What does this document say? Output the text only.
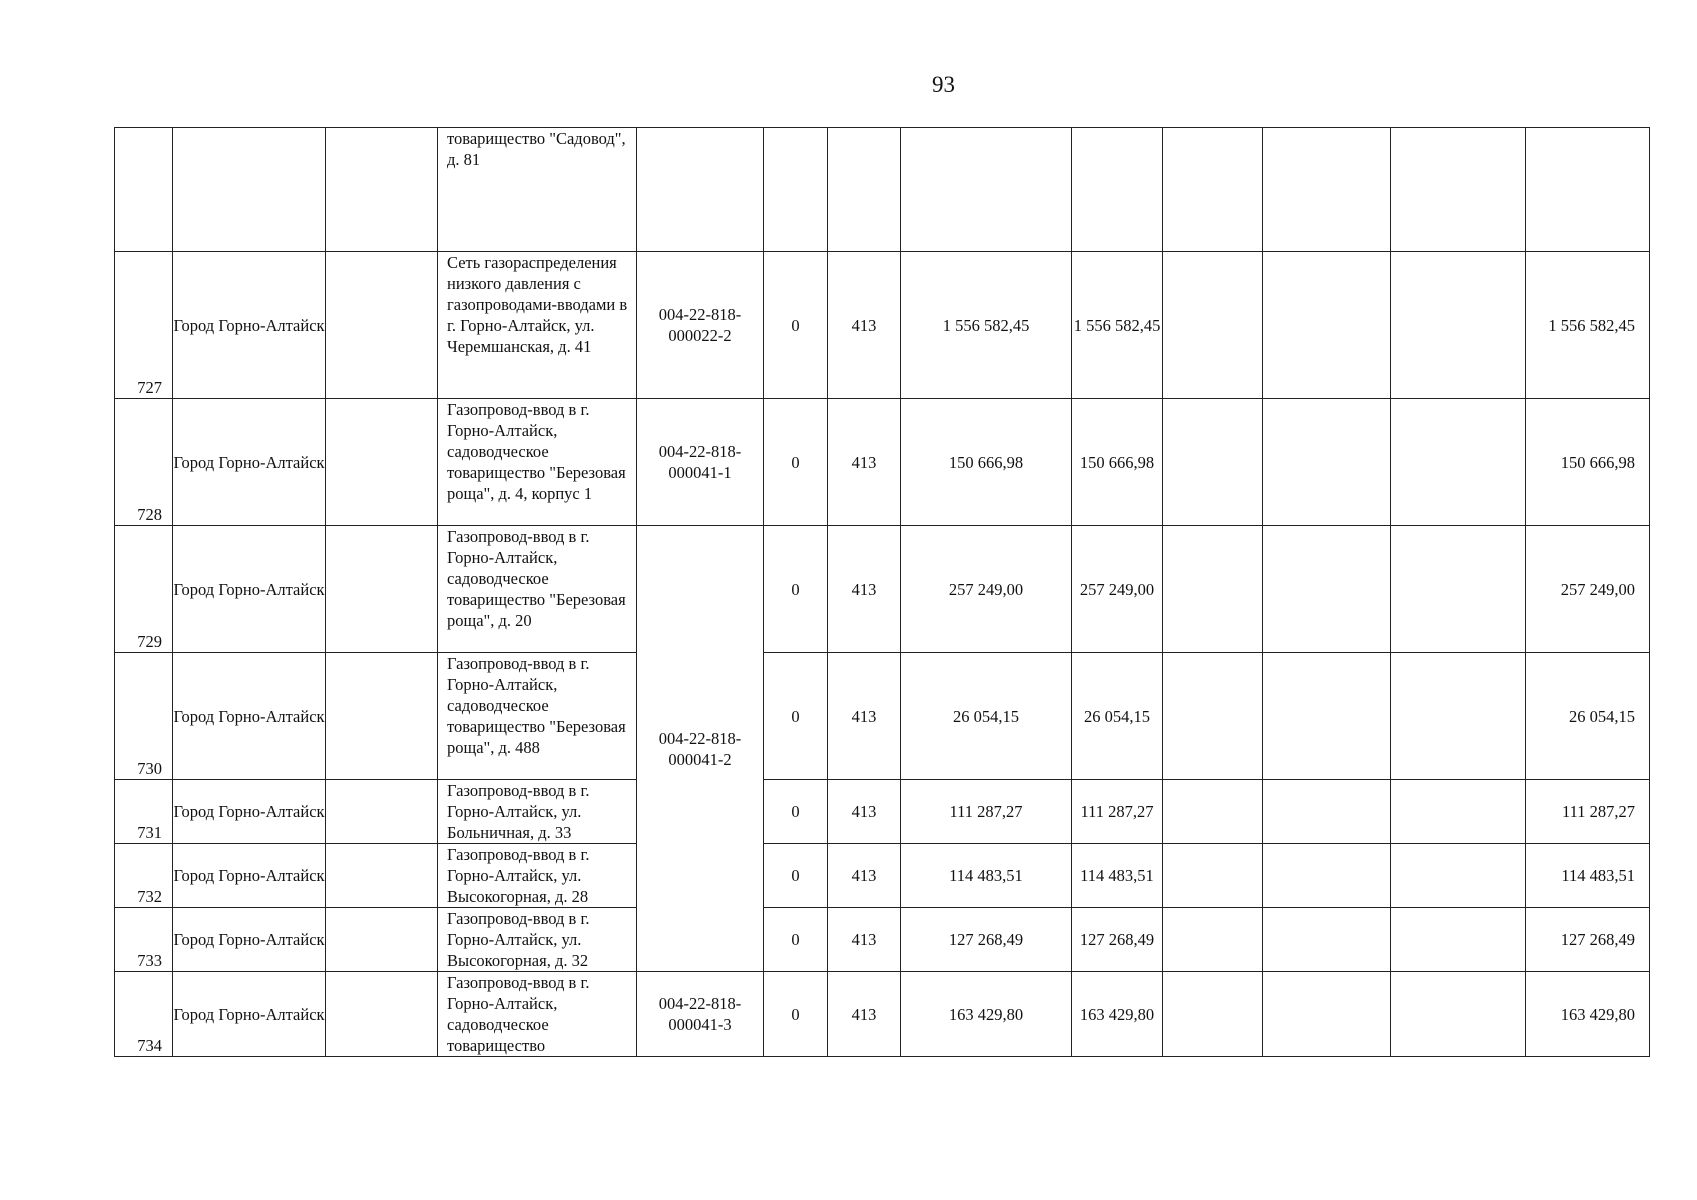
93
			товарищество "Садовод", д. 81									
727	Город Горно-Алтайск		Сеть газораспределения низкого давления с газопроводами-вводами в г. Горно-Алтайск, ул. Черемшанская, д. 41	004-22-818-000022-2	0	413	1 556 582,45	1 556 582,45				1 556 582,45
728	Город Горно-Алтайск		Газопровод-ввод в г. Горно-Алтайск, садоводческое товарищество "Березовая роща", д. 4, корпус 1	004-22-818-000041-1	0	413	150 666,98	150 666,98				150 666,98
729	Город Горно-Алтайск		Газопровод-ввод в г. Горно-Алтайск, садоводческое товарищество "Березовая роща", д. 20	004-22-818-000041-2	0	413	257 249,00	257 249,00				257 249,00
730	Город Горно-Алтайск		Газопровод-ввод в г. Горно-Алтайск, садоводческое товарищество "Березовая роща", д. 488		0	413	26 054,15	26 054,15				26 054,15
731	Город Горно-Алтайск		Газопровод-ввод в г. Горно-Алтайск, ул. Больничная, д. 33		0	413	111 287,27	111 287,27				111 287,27
732	Город Горно-Алтайск		Газопровод-ввод в г. Горно-Алтайск, ул. Высокогорная, д. 28		0	413	114 483,51	114 483,51				114 483,51
733	Город Горно-Алтайск		Газопровод-ввод в г. Горно-Алтайск, ул. Высокогорная, д. 32		0	413	127 268,49	127 268,49				127 268,49
734	Город Горно-Алтайск		Газопровод-ввод в г. Горно-Алтайск, садоводческое товарищество	004-22-818-000041-3	0	413	163 429,80	163 429,80				163 429,80
